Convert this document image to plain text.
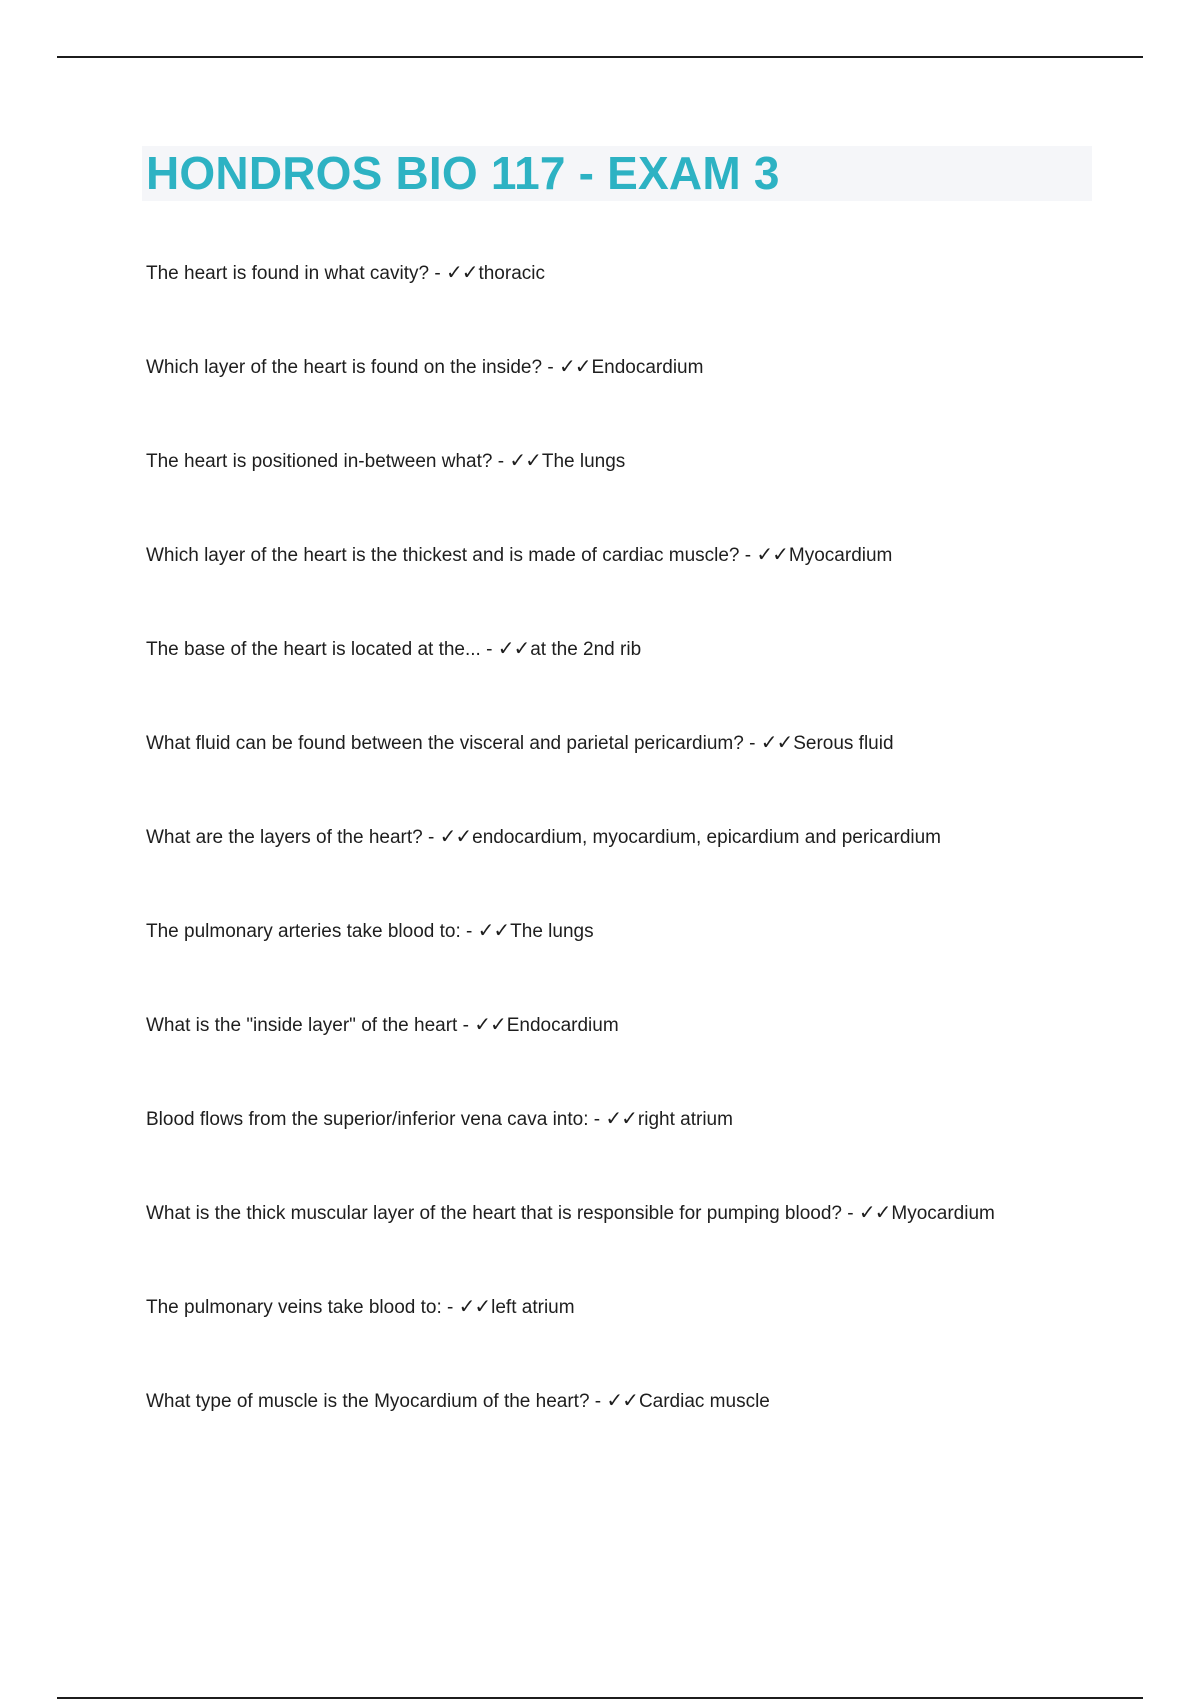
HONDROS BIO 117 - EXAM 3
The heart is found in what cavity? - ✓✓thoracic
Which layer of the heart is found on the inside? - ✓✓Endocardium
The heart is positioned in-between what? - ✓✓The lungs
Which layer of the heart is the thickest and is made of cardiac muscle? - ✓✓Myocardium
The base of the heart is located at the... - ✓✓at the 2nd rib
What fluid can be found between the visceral and parietal pericardium? - ✓✓Serous fluid
What are the layers of the heart? - ✓✓endocardium, myocardium, epicardium and pericardium
The pulmonary arteries take blood to: - ✓✓The lungs
What is the "inside layer" of the heart - ✓✓Endocardium
Blood flows from the superior/inferior vena cava into: - ✓✓right atrium
What is the thick muscular layer of the heart that is responsible for pumping blood? - ✓✓Myocardium
The pulmonary veins take blood to: - ✓✓left atrium
What type of muscle is the Myocardium of the heart? - ✓✓Cardiac muscle
